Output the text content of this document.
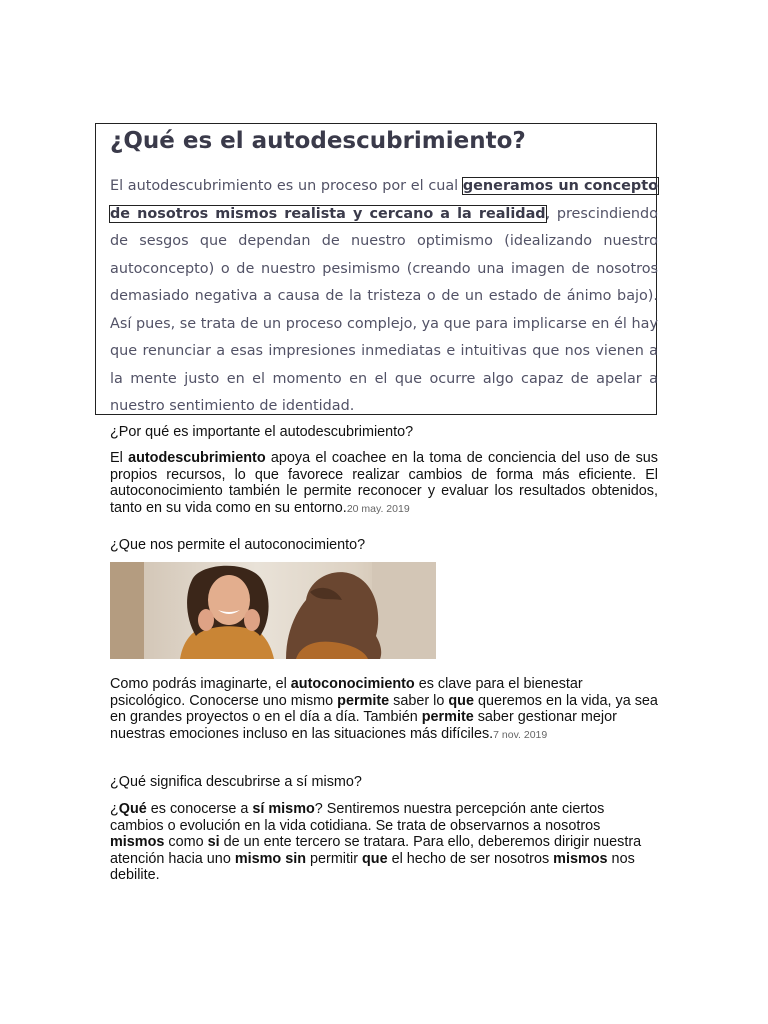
¿Qué es el autodescubrimiento?

El autodescubrimiento es un proceso por el cual generamos un concepto de nosotros mismos realista y cercano a la realidad, prescindiendo de sesgos que dependan de nuestro optimismo (idealizando nuestro autoconcepto) o de nuestro pesimismo (creando una imagen de nosotros demasiado negativa a causa de la tristeza o de un estado de ánimo bajo). Así pues, se trata de un proceso complejo, ya que para implicarse en él hay que renunciar a esas impresiones inmediatas e intuitivas que nos vienen a la mente justo en el momento en el que ocurre algo capaz de apelar a nuestro sentimiento de identidad.

¿Por qué es importante el autodescubrimiento?

El autodescubrimiento apoya el coachee en la toma de conciencia del uso de sus propios recursos, lo que favorece realizar cambios de forma más eficiente. El autoconocimiento también le permite reconocer y evaluar los resultados obtenidos, tanto en su vida como en su entorno.20 may. 2019

¿Que nos permite el autoconocimiento?

Como podrás imaginarte, el autoconocimiento es clave para el bienestar psicológico. Conocerse uno mismo permite saber lo que queremos en la vida, ya sea en grandes proyectos o en el día a día. También permite saber gestionar mejor nuestras emociones incluso en las situaciones más difíciles.7 nov. 2019

¿Qué significa descubrirse a sí mismo?

¿Qué es conocerse a sí mismo? Sentiremos nuestra percepción ante ciertos cambios o evolución en la vida cotidiana. Se trata de observarnos a nosotros mismos como si de un ente tercero se tratara. Para ello, deberemos dirigir nuestra atención hacia uno mismo sin permitir que el hecho de ser nosotros mismos nos debilite.
